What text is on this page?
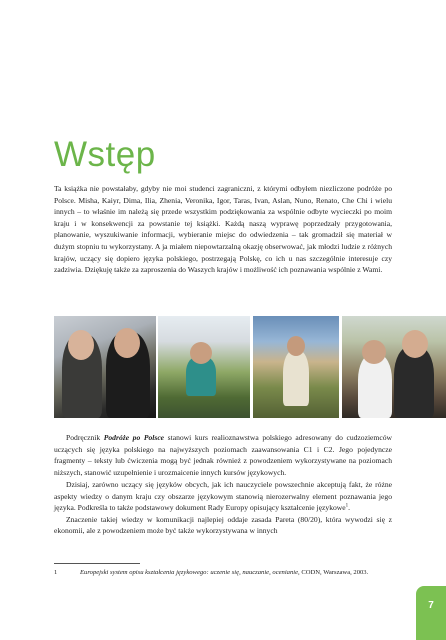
Wstęp

Ta książka nie powstałaby, gdyby nie moi studenci zagraniczni, z którymi odbyłem niezliczone podróże po Polsce. Misha, Kaiyr, Dima, Ilia, Zhenia, Veronika, Igor, Taras, Ivan, Aslan, Nuno, Renato, Che Chi i wielu innych – to właśnie im należą się przede wszystkim podziękowania za wspólnie odbyte wycieczki po moim kraju i w konsekwencji za powstanie tej książki. Każdą naszą wyprawę poprzedzały przygotowania, planowanie, wyszukiwanie informacji, wybieranie miejsc do odwiedzenia – tak gromadził się materiał w dużym stopniu tu wykorzystany. A ja miałem niepowtarzalną okazję obserwować, jak młodzi ludzie z różnych krajów, uczący się dopiero języka polskiego, postrzegają Polskę, co ich u nas szczególnie interesuje czy zadziwia. Dziękuję także za zaproszenia do Waszych krajów i możliwość ich poznawania wspólnie z Wami.

Podręcznik Podróże po Polsce stanowi kurs realioznawstwa polskiego adresowany do cudzoziemców uczących się języka polskiego na najwyższych poziomach zaawansowania C1 i C2. Jego pojedyncze fragmenty – teksty lub ćwiczenia mogą być jednak również z powodzeniem wykorzystywane na poziomach niższych, stanowić uzupełnienie i urozmaicenie innych kursów językowych.

Dzisiaj, zarówno uczący się języków obcych, jak ich nauczyciele powszechnie akceptują fakt, że różne aspekty wiedzy o danym kraju czy obszarze językowym stanowią nierozerwalny element poznawania jego języka. Podkreśla to także podstawowy dokument Rady Europy opisujący kształcenie językowe$^1$.
Znaczenie takiej wiedzy w komunikacji najlepiej oddaje zasada Pareta (80/20), która wywodzi się z ekonomii, ale z powodzeniem może być także wykorzystywana w innych

1	Europejski system opisu kształcenia językowego: uczenie się, nauczanie, ocenianie, CODN, Warszawa, 2003.
7
